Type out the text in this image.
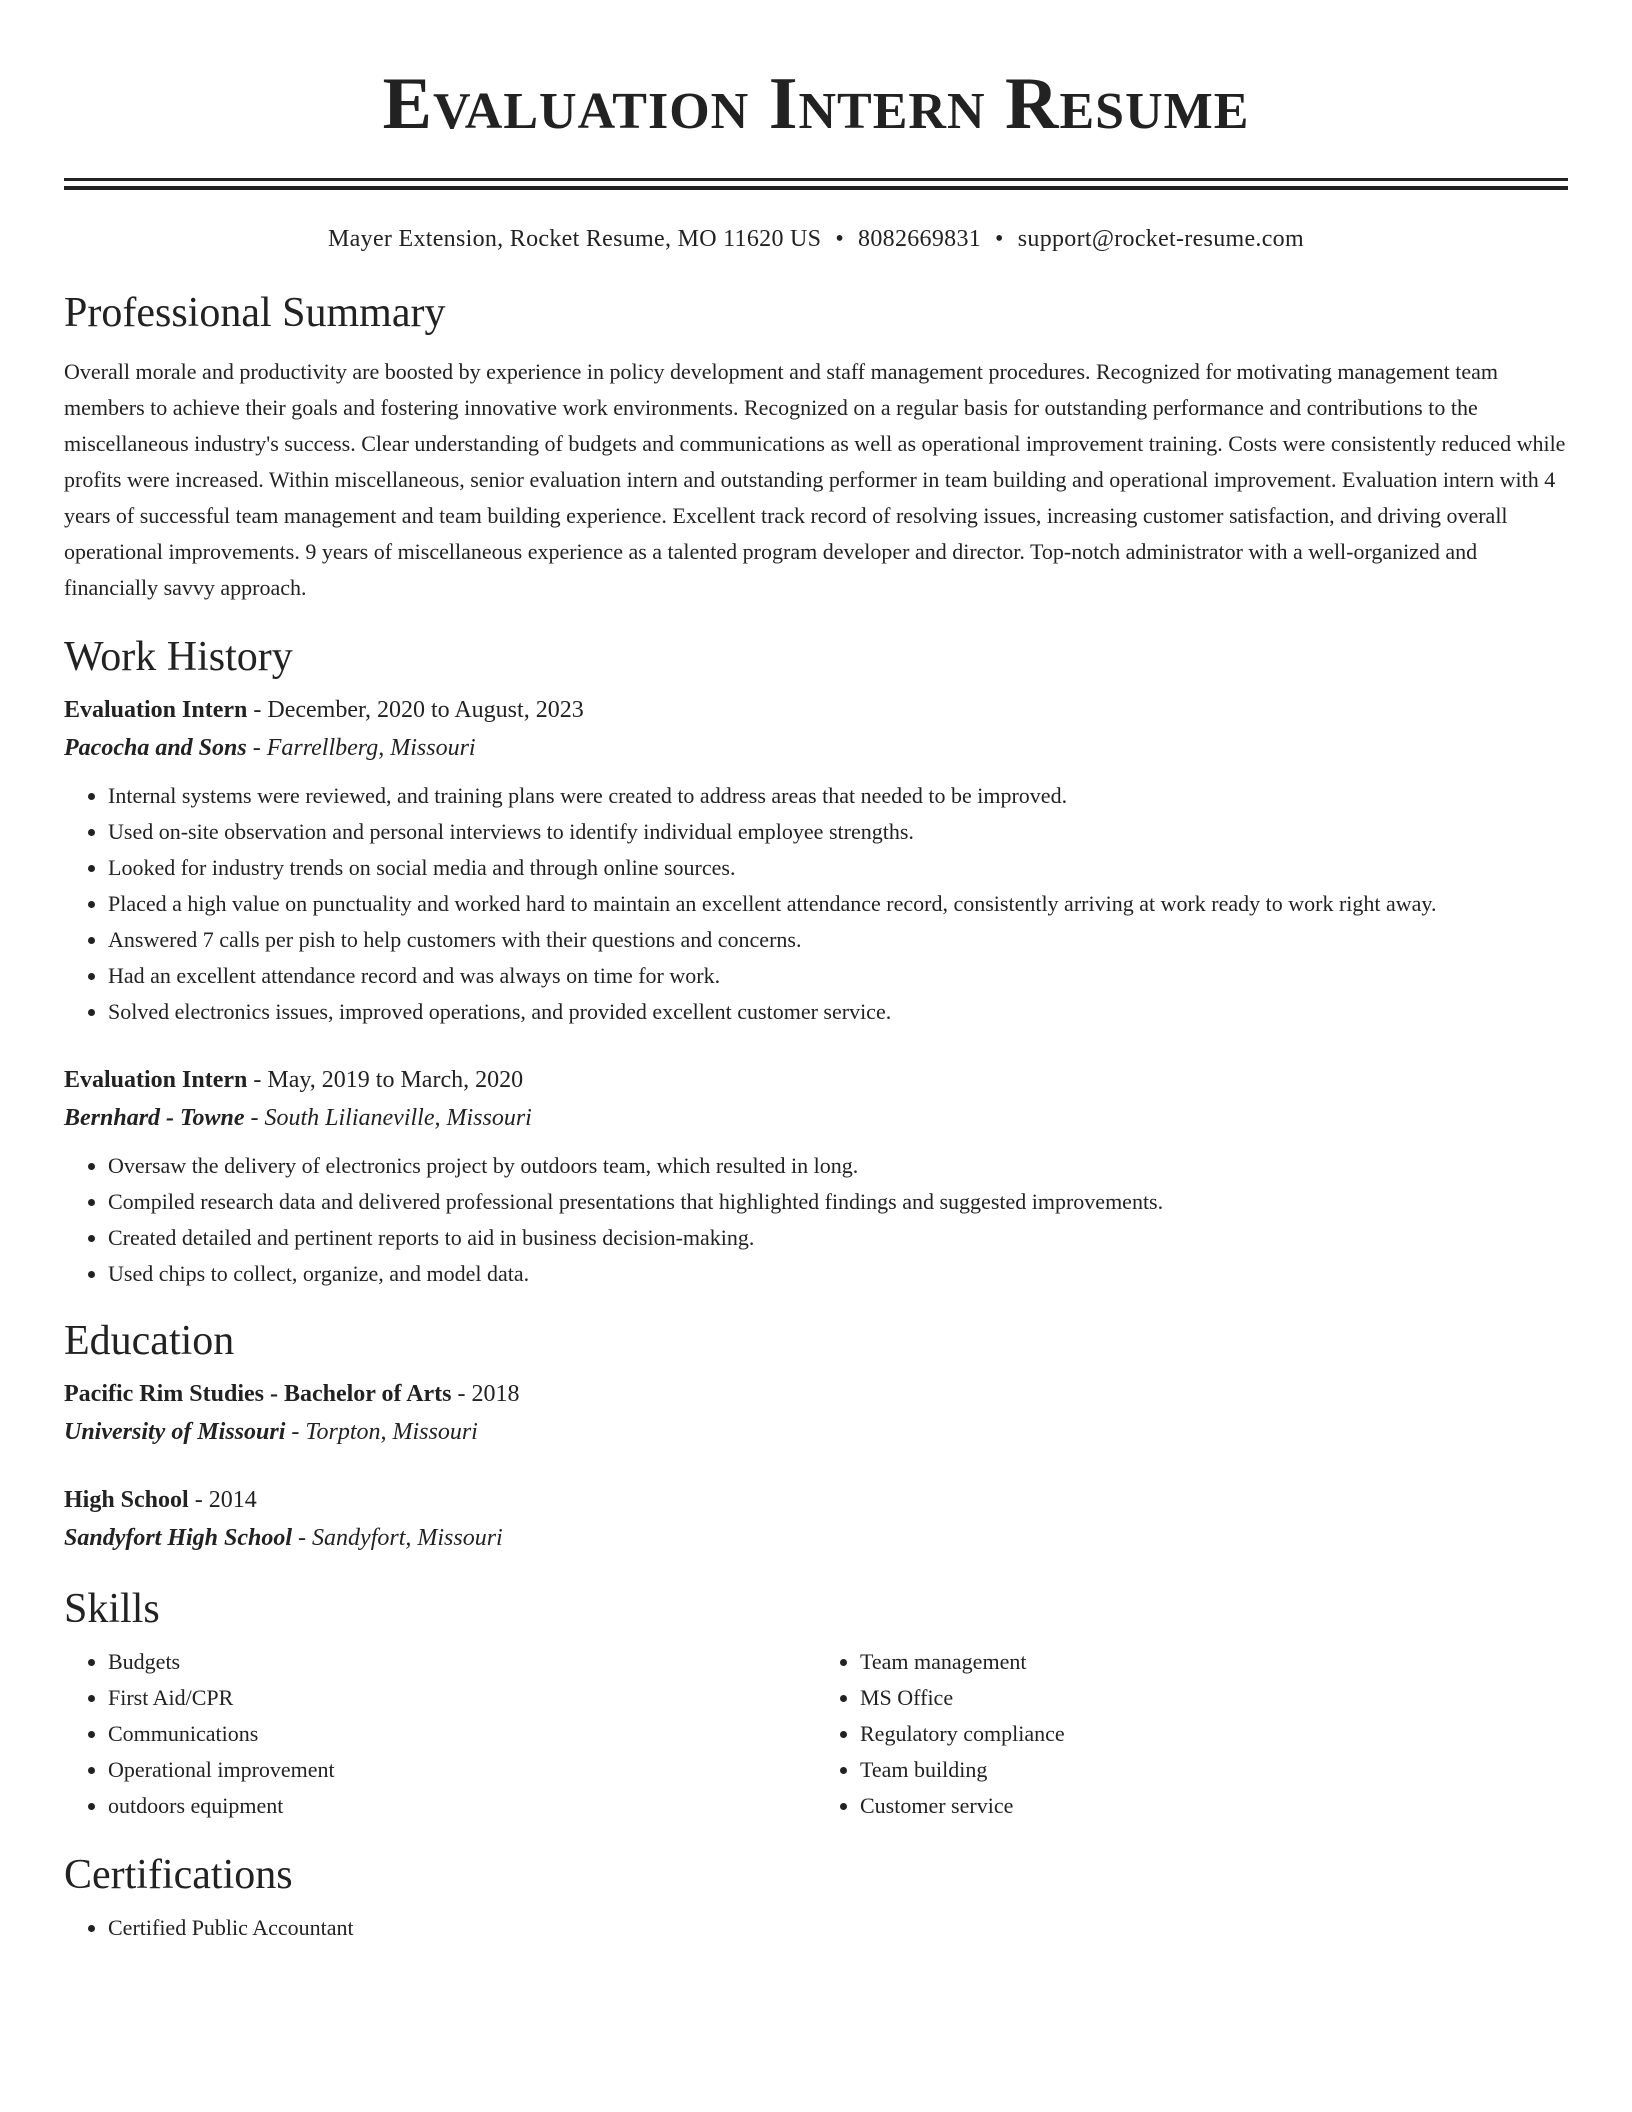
Evaluation Intern Resume
Mayer Extension, Rocket Resume, MO 11620 US • 8082669831 • support@rocket-resume.com
Professional Summary

Overall morale and productivity are boosted by experience in policy development and staff management procedures. Recognized for motivating management team members to achieve their goals and fostering innovative work environments. Recognized on a regular basis for outstanding performance and contributions to the miscellaneous industry's success. Clear understanding of budgets and communications as well as operational improvement training. Costs were consistently reduced while profits were increased. Within miscellaneous, senior evaluation intern and outstanding performer in team building and operational improvement. Evaluation intern with 4 years of successful team management and team building experience. Excellent track record of resolving issues, increasing customer satisfaction, and driving overall operational improvements. 9 years of miscellaneous experience as a talented program developer and director. Top-notch administrator with a well-organized and financially savvy approach.

Work History
Evaluation Intern - December, 2020 to August, 2023
Pacocha and Sons - Farrellberg, Missouri
• Internal systems were reviewed, and training plans were created to address areas that needed to be improved.
• Used on-site observation and personal interviews to identify individual employee strengths.
• Looked for industry trends on social media and through online sources.
• Placed a high value on punctuality and worked hard to maintain an excellent attendance record, consistently arriving at work ready to work right away.
• Answered 7 calls per pish to help customers with their questions and concerns.
• Had an excellent attendance record and was always on time for work.
• Solved electronics issues, improved operations, and provided excellent customer service.
Evaluation Intern - May, 2019 to March, 2020
Bernhard - Towne - South Lilianeville, Missouri
• Oversaw the delivery of electronics project by outdoors team, which resulted in long.
• Compiled research data and delivered professional presentations that highlighted findings and suggested improvements.
• Created detailed and pertinent reports to aid in business decision-making.
• Used chips to collect, organize, and model data.
Education
Pacific Rim Studies - Bachelor of Arts - 2018
University of Missouri - Torpton, Missouri
High School - 2014
Sandyfort High School - Sandyfort, Missouri
Skills
• Budgets
• First Aid/CPR
• Communications
• Operational improvement
• outdoors equipment
• Team management
• MS Office
• Regulatory compliance
• Team building
• Customer service
Certifications
• Certified Public Accountant
